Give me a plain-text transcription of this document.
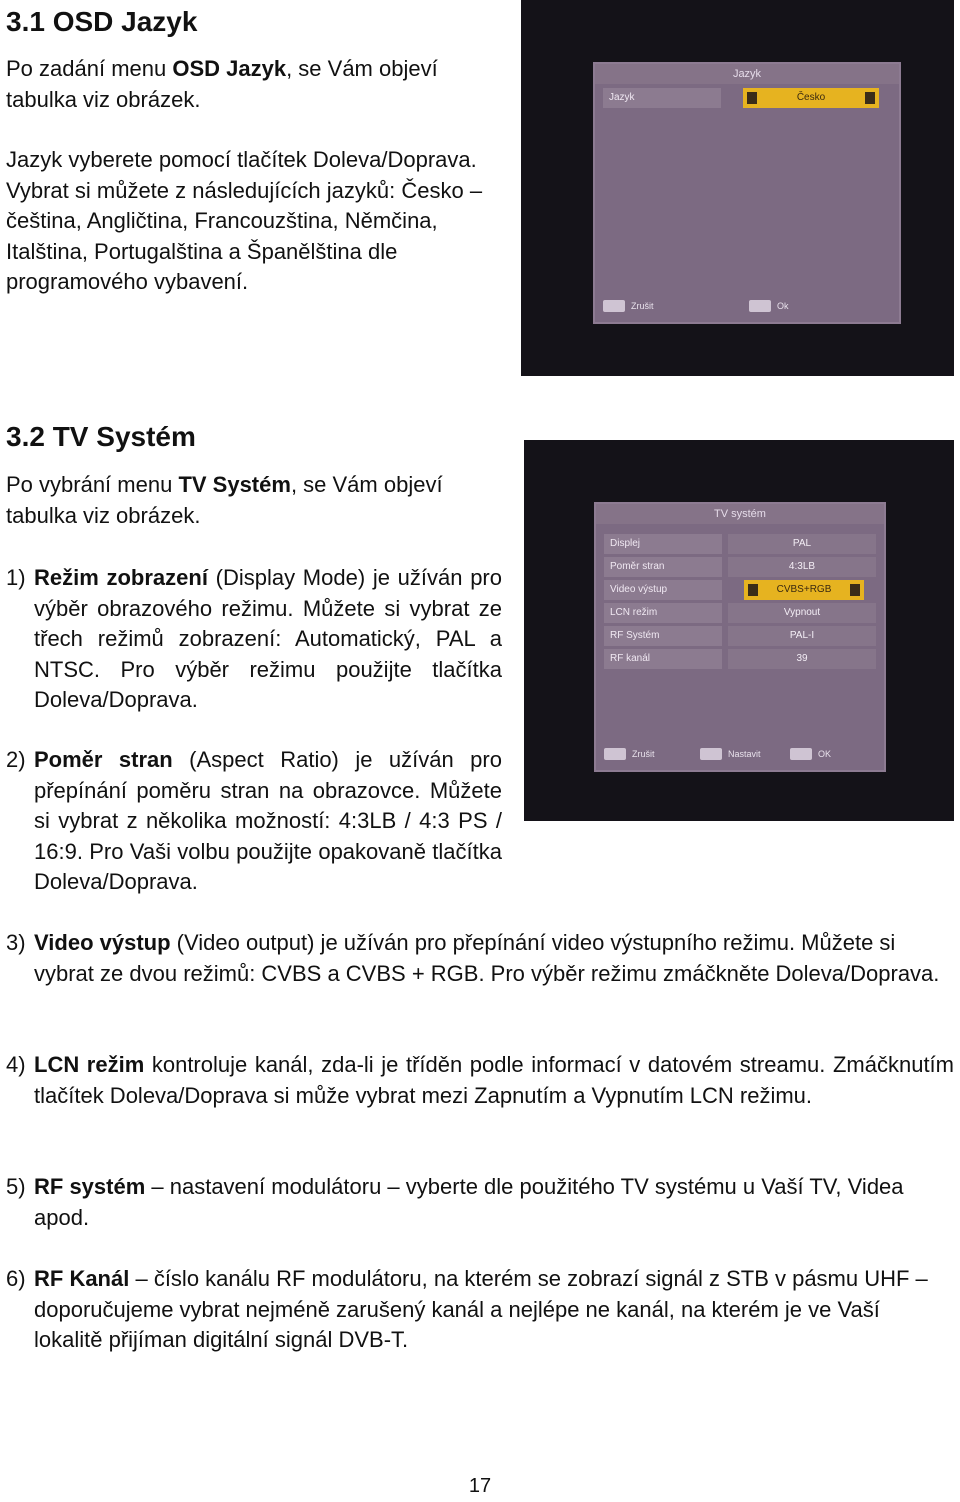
3.1 OSD Jazyk

Po zadání menu OSD Jazyk, se Vám objeví tabulka viz obrázek.

Jazyk vyberete pomocí tlačítek Doleva/Doprava. Vybrat si můžete z následujících jazyků: Česko – čeština, Angličtina, Francouzština, Němčina, Italština, Portugalština a Španělština dle programového vybavení.

Jazyk
Jazyk	Česko
Zrušit	Ok
3.2 TV Systém

Po vybrání menu TV Systém, se Vám objeví tabulka viz obrázek.	TV systém
Displej	PAL
Poměr stran	4:3LB
Video výstup	CVBS+RGB
LCN režim	Vypnout
RF Systém	PAL-I
RF kanál	39
Zrušit	Nastavit	OK
1) Režim zobrazení (Display Mode) je užíván pro výběr obrazového režimu. Můžete si vybrat ze třech režimů zobrazení: Automatický, PAL a NTSC. Pro výběr režimu použijte tlačítka Doleva/Doprava.
2) Poměr stran (Aspect Ratio) je užíván pro přepínání poměru stran na obrazovce. Můžete si vybrat z několika možností: 4:3LB / 4:3 PS / 16:9. Pro Vaši volbu použijte opakovaně tlačítka Doleva/Doprava.
3) Video výstup (Video output) je užíván pro přepínání video výstupního režimu. Můžete si vybrat ze dvou režimů: CVBS a CVBS + RGB. Pro výběr režimu zmáčkněte Doleva/Doprava.
4) LCN režim kontroluje kanál, zda-li je tříděn podle informací v datovém streamu. Zmáčknutím tlačítek Doleva/Doprava si může vybrat mezi Zapnutím a Vypnutím LCN režimu.
5) RF systém – nastavení modulátoru – vyberte dle použitého TV systému u Vaší TV, Videa apod.
6) RF Kanál – číslo kanálu RF modulátoru, na kterém se zobrazí signál z STB v pásmu UHF – doporučujeme vybrat nejméně zarušený kanál a nejlépe ne kanál, na kterém je ve Vaší lokalitě přijíman digitální signál DVB-T.
17
